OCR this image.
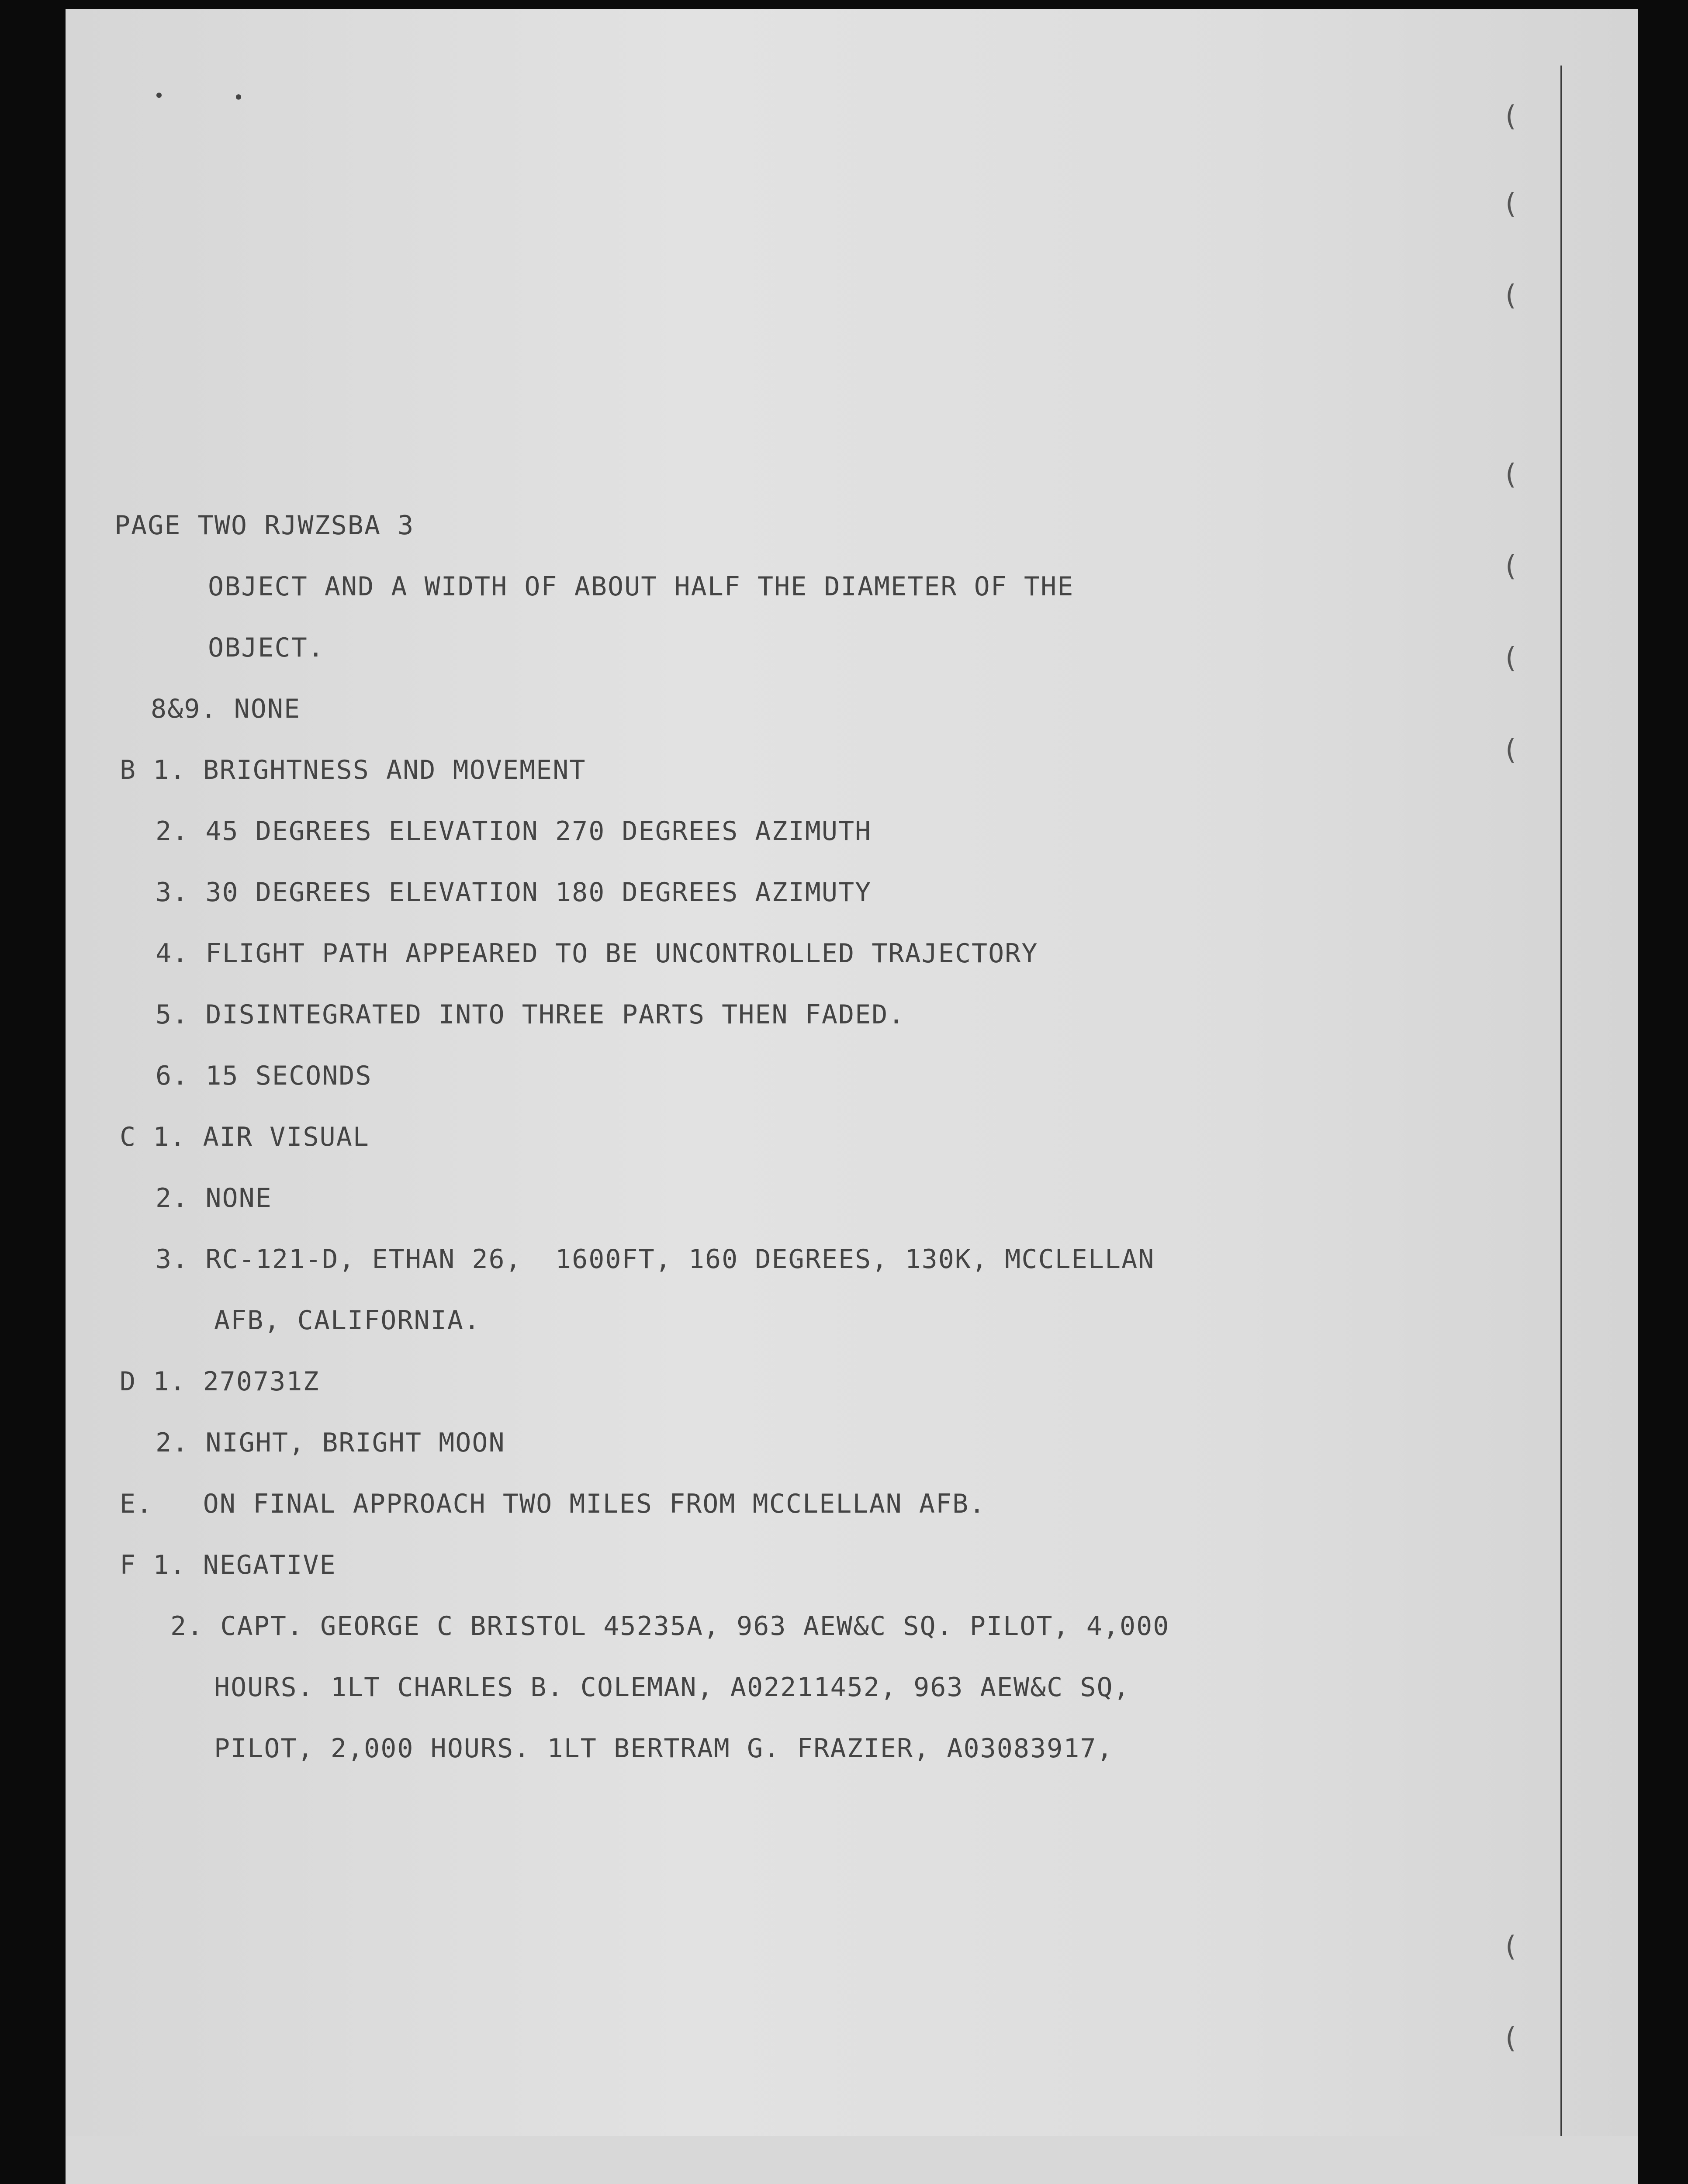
(
(
(
(
(
(
(
(
(
PAGE TWO RJWZSBA 3
OBJECT AND A WIDTH OF ABOUT HALF THE DIAMETER OF THE
OBJECT.
8&9. NONE
B 1. BRIGHTNESS AND MOVEMENT
2. 45 DEGREES ELEVATION 270 DEGREES AZIMUTH
3. 30 DEGREES ELEVATION 180 DEGREES AZIMUTY
4. FLIGHT PATH APPEARED TO BE UNCONTROLLED TRAJECTORY
5. DISINTEGRATED INTO THREE PARTS THEN FADED.
6. 15 SECONDS
C 1. AIR VISUAL
2. NONE
3. RC-121-D, ETHAN 26,  1600FT, 160 DEGREES, 130K, MCCLELLAN
AFB, CALIFORNIA.
D 1. 270731Z
2. NIGHT, BRIGHT MOON
E.   ON FINAL APPROACH TWO MILES FROM MCCLELLAN AFB.
F 1. NEGATIVE
2. CAPT. GEORGE C BRISTOL 45235A, 963 AEW&C SQ. PILOT, 4,000
HOURS. 1LT CHARLES B. COLEMAN, A02211452, 963 AEW&C SQ,
PILOT, 2,000 HOURS. 1LT BERTRAM G. FRAZIER, A03083917,
